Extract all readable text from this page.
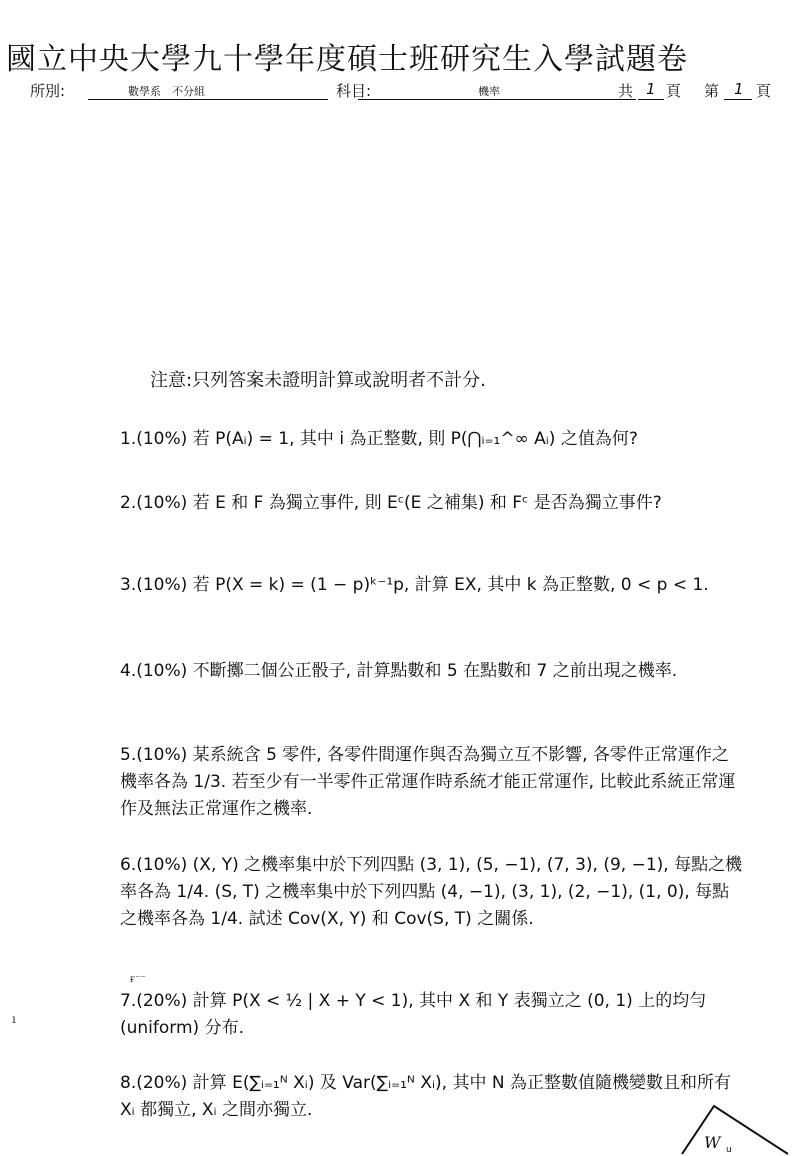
國立中央大學九十學年度碩士班研究生入學試題卷
所別:	數學系　不分組	科目:	機率	共 1 頁 第 1 頁
注意:只列答案未證明計算或說明者不計分.
1.(10%) 若 P(Aᵢ) = 1, 其中 i 為正整數, 則 P(⋂ᵢ₌₁^∞ Aᵢ) 之值為何?
2.(10%) 若 E 和 F 為獨立事件, 則 Eᶜ(E 之補集) 和 Fᶜ 是否為獨立事件?
3.(10%) 若 P(X = k) = (1 − p)ᵏ⁻¹p, 計算 EX, 其中 k 為正整數, 0 < p < 1.
4.(10%) 不斷擲二個公正骰子, 計算點數和 5 在點數和 7 之前出現之機率.
5.(10%) 某系統含 5 零件, 各零件間運作與否為獨立互不影響, 各零件正常運作之機率各為 1/3. 若至少有一半零件正常運作時系統才能正常運作, 比較此系統正常運作及無法正常運作之機率.
6.(10%) (X, Y) 之機率集中於下列四點 (3, 1), (5, −1), (7, 3), (9, −1), 每點之機率各為 1/4. (S, T) 之機率集中於下列四點 (4, −1), (3, 1), (2, −1), (1, 0), 每點之機率各為 1/4. 試述 Cov(X, Y) 和 Cov(S, T) 之關係.
7.(20%) 計算 P(X < ½ | X + Y < 1), 其中 X 和 Y 表獨立之 (0, 1) 上的均勻 (uniform) 分布.
8.(20%) 計算 E(∑ᵢ₌₁ᴺ Xᵢ) 及 Var(∑ᵢ₌₁ᴺ Xᵢ), 其中 N 為正整數值隨機變數且和所有 Xᵢ 都獨立, Xᵢ 之間亦獨立.
ғ⁻⁻
ı
W u
